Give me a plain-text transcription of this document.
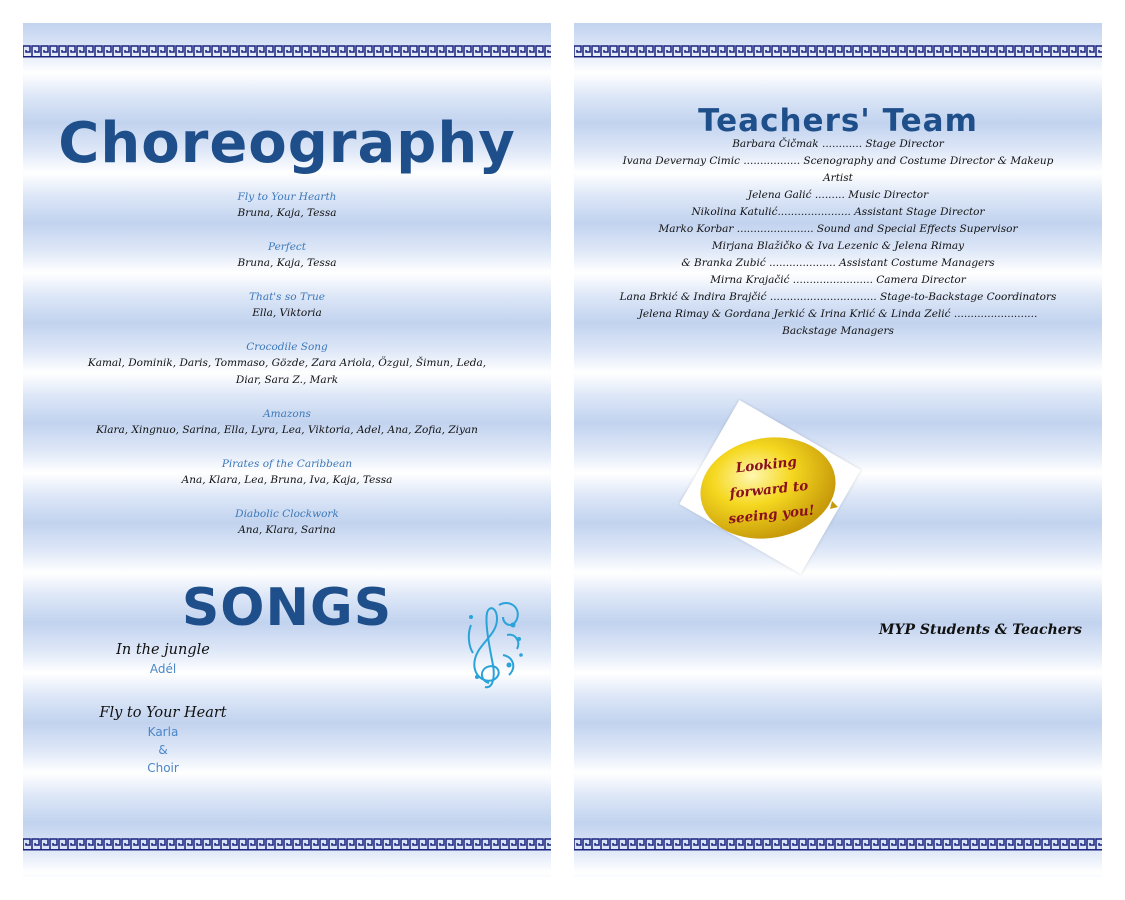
Choreography
Fly to Your Hearth
Bruna, Kaja, Tessa
Perfect
Bruna, Kaja, Tessa
That's so True
Ella, Viktoria
Crocodile Song
Kamal, Dominik, Daris, Tommaso, Gözde, Zara Ariola, Özgul, Šimun, Leda, Diar, Sara Z., Mark
Amazons
Klara, Xingnuo, Sarina, Ella, Lyra, Lea, Viktoria, Adel, Ana, Zofia, Ziyan
Pirates of the Caribbean
Ana, Klara, Lea, Bruna, Iva, Kaja, Tessa
Diabolic Clockwork
Ana, Klara, Sarina
SONGS
In the jungle
Adél
Fly to Your Heart
Karla
&
Choir
Teachers' Team
Barbara Čičmak ............ Stage Director
Ivana Devernay Cimic ................. Scenography and Costume Director & Makeup Artist
Jelena Galić ......... Music Director
Nikolina Katulić...................... Assistant Stage Director
Marko Korbar ....................... Sound and Special Effects Supervisor
Mirjana Blažičko & Iva Lezenic & Jelena Rimay
& Branka Zubić .................... Assistant Costume Managers
Mirna Krajačić ........................ Camera Director
Lana Brkić & Indira Brajčić ................................ Stage-to-Backstage Coordinators
Jelena Rimay & Gordana Jerkić & Irina Krlić & Linda Zelić ......................... Backstage Managers
Looking
forward to
seeing you!
MYP Students & Teachers
